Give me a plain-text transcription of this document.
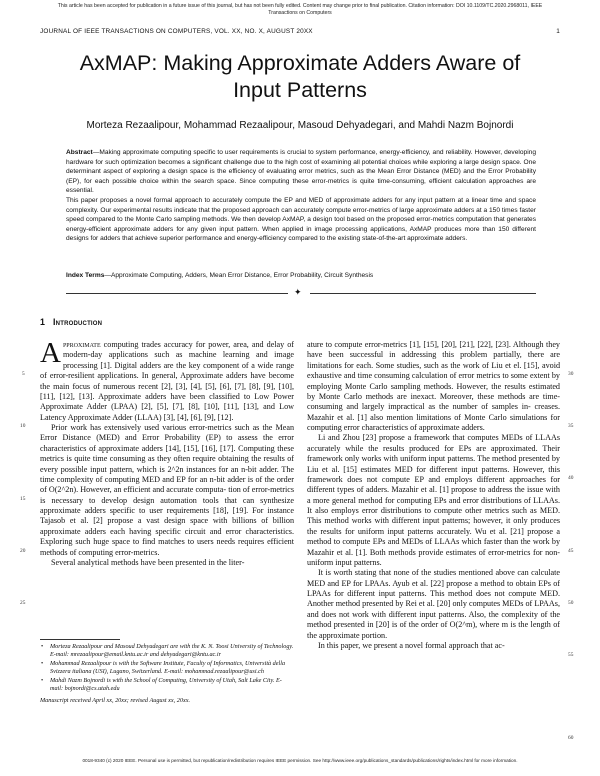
This article has been accepted for publication in a future issue of this journal, but has not been fully edited. Content may change prior to final publication. Citation information: DOI 10.1109/TC.2020.2968011, IEEE
Transactions on Computers
JOURNAL OF IEEE TRANSACTIONS ON COMPUTERS, VOL. XX, NO. X, AUGUST 20XX	1
AxMAP: Making Approximate Adders Aware of
Input Patterns
Morteza Rezaalipour, Mohammad Rezaalipour, Masoud Dehyadegari, and Mahdi Nazm Bojnordi

Abstract—Making approximate computing specific to user requirements is crucial to system performance, energy-efficiency, and reliability. However, developing hardware for such optimization becomes a significant challenge due to the high cost of examining all potential choices while exploring a large design space. One determinant aspect of exploring a design space is the efficiency of evaluating error metrics, such as the Mean Error Distance (MED) and the Error Probability (EP), for each possible choice within the search space. Since computing these error-metrics is quite time-consuming, efficient calculation approaches are essential.

This paper proposes a novel formal approach to accurately compute the EP and MED of approximate adders for any input pattern at a linear time and space complexity. Our experimental results indicate that the proposed approach can accurately compute error-metrics of large approximate adders at a 150 times faster speed compared to the Monte Carlo sampling methods. We then develop AxMAP, a design tool based on the proposed error-metrics computation that generates energy-efficient approximate adders for any given input pattern. When applied in image processing applications, AxMAP produces more than 150 different designs for adders that achieve superior performance and energy-efficiency compared to the existing state-of-the-art approximate adders.

Index Terms—Approximate Computing, Adders, Mean Error Distance, Error Probability, Circuit Synthesis
✦
1 Introduction

Approximate computing trades accuracy for power, area, and delay of modern-day applications such as machine learning and image processing [1]. Digital adders are the key component of a wide range of error-resilient applications. In general, Approximate adders have become the main focus of numerous recent [2], [3], [4], [5], [6], [7], [8], [9], [10], [11], [12], [13]. Approximate adders have been classified to Low Power Approximate Adder (LPAA) [2], [5], [7], [8], [10], [11], [13], and Low Latency Approximate Adder (LLAA) [3], [4], [6], [9], [12].

Prior work has extensively used various error-metrics such as the Mean Error Distance (MED) and Error Probability (EP) to assess the error characteristics of approximate adders [14], [15], [16], [17]. Computing these metrics is quite time consuming as they often require obtaining the results of every possible input pattern, which is 2^2n instances for an n-bit adder. The time complexity of computing MED and EP for an n-bit adder is of the order of O(2^2n). However, an efficient and accurate computa- tion of error-metrics is necessary to develop design automation tools that can synthesize approximate adders specific to user requirements [18], [19]. For instance Tajasob et al. [2] propose a vast design space with billions of billion approximate adders each having specific circuit and error characteristics. Exploring such huge space to find matches to users needs requires efficient methods of computing error-metrics.

Several analytical methods have been presented in the liter-

• Morteza Rezaalipour and Masoud Dehyadegari are with the K. N. Toosi University of Technology. E-mail: mrezaalipour@email.kntu.ac.ir and dehyadegari@kntu.ac.ir
• Mohammad Rezaalipour is with the Software Institute, Faculty of Informatics, Università della Svizzera italiana (USI), Lugano, Switzerland. E-mail: mohammad.rezaalipour@usi.ch
• Mahdi Nazm Bojnordi is with the School of Computing, University of Utah, Salt Lake City. E-mail: bojnordi@cs.utah.edu
Manuscript received April xx, 20xx; revised August xx, 20xx.

ature to compute error-metrics [1], [15], [20], [21], [22], [23]. Although they have been successful in addressing this problem partially, there are limitations for each. Some studies, such as the work of Liu et el. [15], avoid exhaustive and time consuming calculation of error metrics to some extent by employing Monte Carlo sampling methods. However, the results estimated by Monte Carlo methods are inexact. Moreover, these methods are time- consuming and largely impractical as the number of samples in- creases. Mazahir et al. [1] also mention limitations of Monte Carlo simulations for computing error characteristics of approximate adders.

Li and Zhou [23] propose a framework that computes MEDs of LLAAs accurately while the results produced for EPs are approximated. Their framework only works with uniform input patterns. The method presented by Liu et al. [15] estimates MED for different input patterns. However, this framework does not compute EP and employs different approaches for different types of adders. Mazahir et al. [1] propose to address the issue with a more general method for computing EPs and error distributions of LLAAs. It also employs error distributions to compute other metrics such as MED. This method works with different input patterns; however, it only produces the results for uniform input patterns accurately. Wu et al. [21] propose a method to compute EPs and MEDs of LLAAs which faster than the work by Mazahir et al. [1]. Both methods provide estimates of error-metrics for non-uniform input patterns.

It is worth stating that none of the studies mentioned above can calculate MED and EP for LPAAs. Ayub et al. [22] propose a method to obtain EPs of LPAAs for different input patterns. This method does not compute MED. Another method presented by Rei et al. [20] only computes MEDs of LPAAs, and does not work with different input patterns. Also, the complexity of the method presented in [20] is of the order of O(2^m), where m is the length of the approximate portion.

In this paper, we present a novel formal approach that ac-

5
10
15
20
25
30
35
40
45
50
55
60
0018-9340 (c) 2020 IEEE. Personal use is permitted, but republication/redistribution requires IEEE permission. See http://www.ieee.org/publications_standards/publications/rights/index.html for more information.
